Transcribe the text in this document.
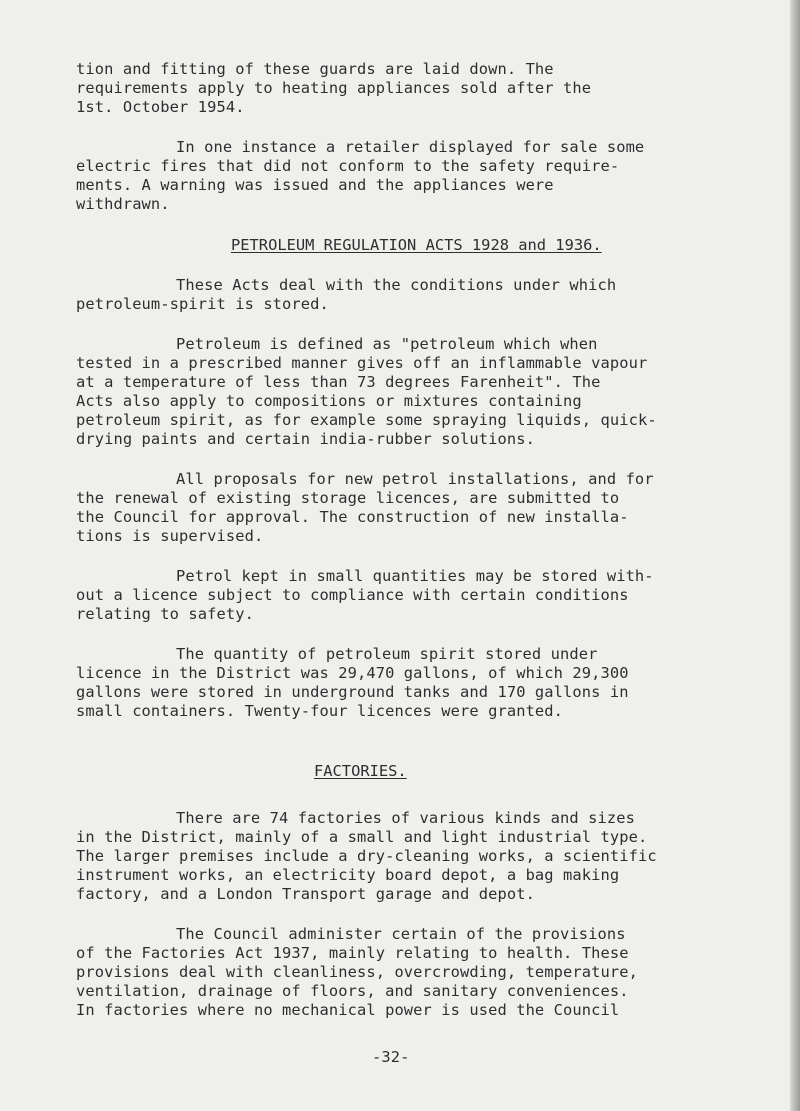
tion and fitting of these guards are laid down. The
requirements apply to heating appliances sold after the
1st. October 1954.

In one instance a retailer displayed for sale some
electric fires that did not conform to the safety require-
ments. A warning was issued and the appliances were
withdrawn.

PETROLEUM REGULATION ACTS 1928 and 1936.

These Acts deal with the conditions under which
petroleum-spirit is stored.

Petroleum is defined as "petroleum which when
tested in a prescribed manner gives off an inflammable vapour
at a temperature of less than 73 degrees Farenheit". The
Acts also apply to compositions or mixtures containing
petroleum spirit, as for example some spraying liquids, quick-
drying paints and certain india-rubber solutions.

All proposals for new petrol installations, and for
the renewal of existing storage licences, are submitted to
the Council for approval. The construction of new installa-
tions is supervised.

Petrol kept in small quantities may be stored with-
out a licence subject to compliance with certain conditions
relating to safety.

The quantity of petroleum spirit stored under
licence in the District was 29,470 gallons, of which 29,300
gallons were stored in underground tanks and 170 gallons in
small containers. Twenty-four licences were granted.

FACTORIES.

There are 74 factories of various kinds and sizes
in the District, mainly of a small and light industrial type.
The larger premises include a dry-cleaning works, a scientific
instrument works, an electricity board depot, a bag making
factory, and a London Transport garage and depot.

The Council administer certain of the provisions
of the Factories Act 1937, mainly relating to health. These
provisions deal with cleanliness, overcrowding, temperature,
ventilation, drainage of floors, and sanitary conveniences.
In factories where no mechanical power is used the Council

-32-
